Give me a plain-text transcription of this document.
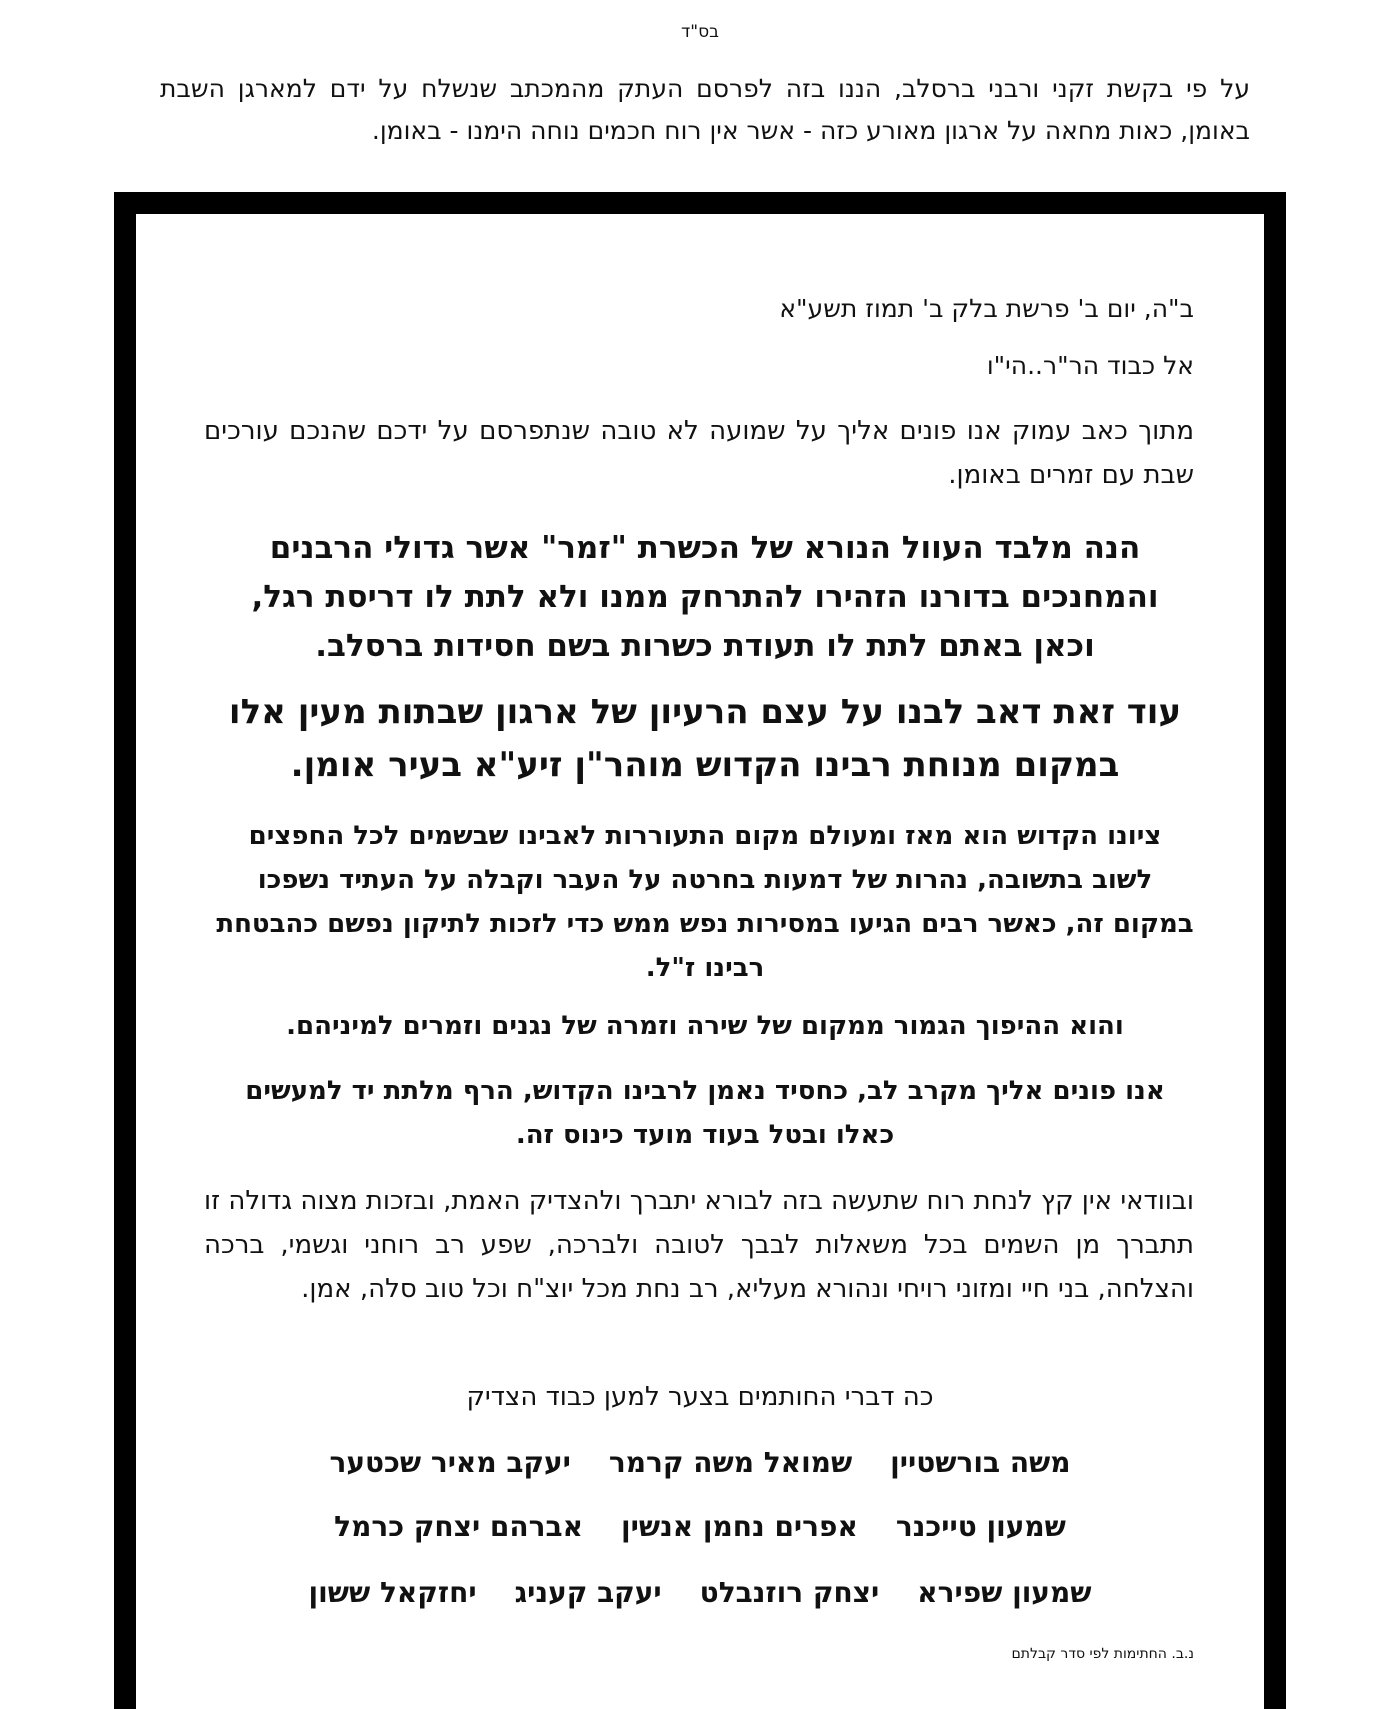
בס"ד
על פי בקשת זקני ורבני ברסלב, הננו בזה לפרסם העתק מהמכתב שנשלח על ידם למארגן השבת באומן, כאות מחאה על ארגון מאורע כזה - אשר אין רוח חכמים נוחה הימנו - באומן.
ב"ה, יום ב' פרשת בלק ב' תמוז תשע"א
אל כבוד הר"ר..הי"ו
מתוך כאב עמוק אנו פונים אליך על שמועה לא טובה שנתפרסם על ידכם שהנכם עורכים שבת עם זמרים באומן.
הנה מלבד העוול הנורא של הכשרת "זמר" אשר גדולי הרבנים והמחנכים בדורנו הזהירו להתרחק ממנו ולא לתת לו דריסת רגל, וכאן באתם לתת לו תעודת כשרות בשם חסידות ברסלב.
עוד זאת דאב לבנו על עצם הרעיון של ארגון שבתות מעין אלו במקום מנוחת רבינו הקדוש מוהר"ן זיע"א בעיר אומן.
ציונו הקדוש הוא מאז ומעולם מקום התעוררות לאבינו שבשמים לכל החפצים לשוב בתשובה, נהרות של דמעות בחרטה על העבר וקבלה על העתיד נשפכו במקום זה, כאשר רבים הגיעו במסירות נפש ממש כדי לזכות לתיקון נפשם כהבטחת רבינו ז"ל.
והוא ההיפוך הגמור ממקום של שירה וזמרה של נגנים וזמרים למיניהם.
אנו פונים אליך מקרב לב, כחסיד נאמן לרבינו הקדוש, הרף מלתת יד למעשים כאלו ובטל בעוד מועד כינוס זה.
ובוודאי אין קץ לנחת רוח שתעשה בזה לבורא יתברך ולהצדיק האמת, ובזכות מצוה גדולה זו תתברך מן השמים בכל משאלות לבבך לטובה ולברכה, שפע רב רוחני וגשמי, ברכה והצלחה, בני חיי ומזוני רויחי ונהורא מעליא, רב נחת מכל יוצ"ח וכל טוב סלה, אמן.
כה דברי החותמים בצער למען כבוד הצדיק
משה בורשטיין
שמואל משה קרמר
יעקב מאיר שכטער
שמעון טייכנר
אפרים נחמן אנשין
אברהם יצחק כרמל
שמעון שפירא
יצחק רוזנבלט
יעקב קעניג
יחזקאל ששון
נ.ב. החתימות לפי סדר קבלתם
